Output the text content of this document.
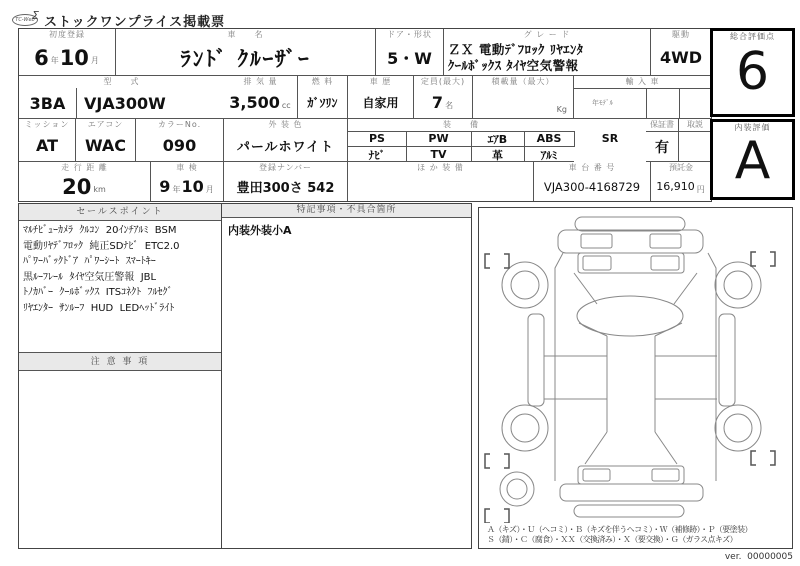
TC-Web
Σ ストックワンプライス掲載票
初度登録
6 年 10 月
車　　名
ﾗﾝﾄﾞ ｸﾙｰｻﾞｰ
ドア・形状
5・W
グ レ ー ド
ＺＸ 電動ﾃﾞﾌﾛｯｸ ﾘﾔｴﾝﾀ
ｸｰﾙﾎﾞｯｸｽ ﾀｲﾔ空気警報
駆動
4WD
型　　式
3BA	VJA300W
排 気 量
3,500 cc
燃 料
ｶﾞｿﾘﾝ
車 歴
自家用
定員(最大)
7 名
積載量（最大）
Kg
輸 入 車
年ﾓﾃﾞﾙ
ミッション
AT
エアコン
WAC
カラーNo.
090
外 装 色
パールホワイト
装　　備
PS	PW	ｴｱB	ABS	SR
ﾅﾋﾞ	TV	革	ｱﾙﾐ
保証書
有
取説
走 行 距 離
20 km
車 検
9 年 10 月
登録ナンバー
豊田300さ 542
ほ か 装 備	車 台 番 号
VJA300-4168729
預託金
16,910 円
総合評価点
6
内装評価
A
セールスポイント
ﾏﾙﾁﾋﾞｭｰｶﾒﾗ  ｸﾙｺﾝ  20ｲﾝﾁｱﾙﾐ  BSM
電動ﾘﾔﾃﾞﾌﾛｯｸ  純正SDﾅﾋﾞ  ETC2.0
ﾊﾟﾜｰﾊﾞｯｸﾄﾞｱ  ﾊﾟﾜｰｼｰﾄ  ｽﾏｰﾄｷｰ
黒ﾙｰﾌﾚｰﾙ  ﾀｲﾔ空気圧警報  JBL
ﾄﾉｶﾊﾞｰ  ｸｰﾙﾎﾞｯｸｽ  ITSｺﾈｸﾄ  ﾌﾙｾｸﾞ
ﾘﾔｴﾝﾀｰ  ｻﾝﾙｰﾌ  HUD  LEDﾍｯﾄﾞﾗｲﾄ
注 意 事 項
特記事項・不具合箇所
内装外装小A
Ａ（キズ）・Ｕ（ヘコミ）・Ｂ（キズを伴うヘコミ）・Ｗ（補修跡）・Ｐ（要塗装）
Ｓ（錆）・Ｃ（腐食）・ＸＸ（交換済み）・Ｘ（要交換）・Ｇ（ガラス点キズ）
ver.  00000005
